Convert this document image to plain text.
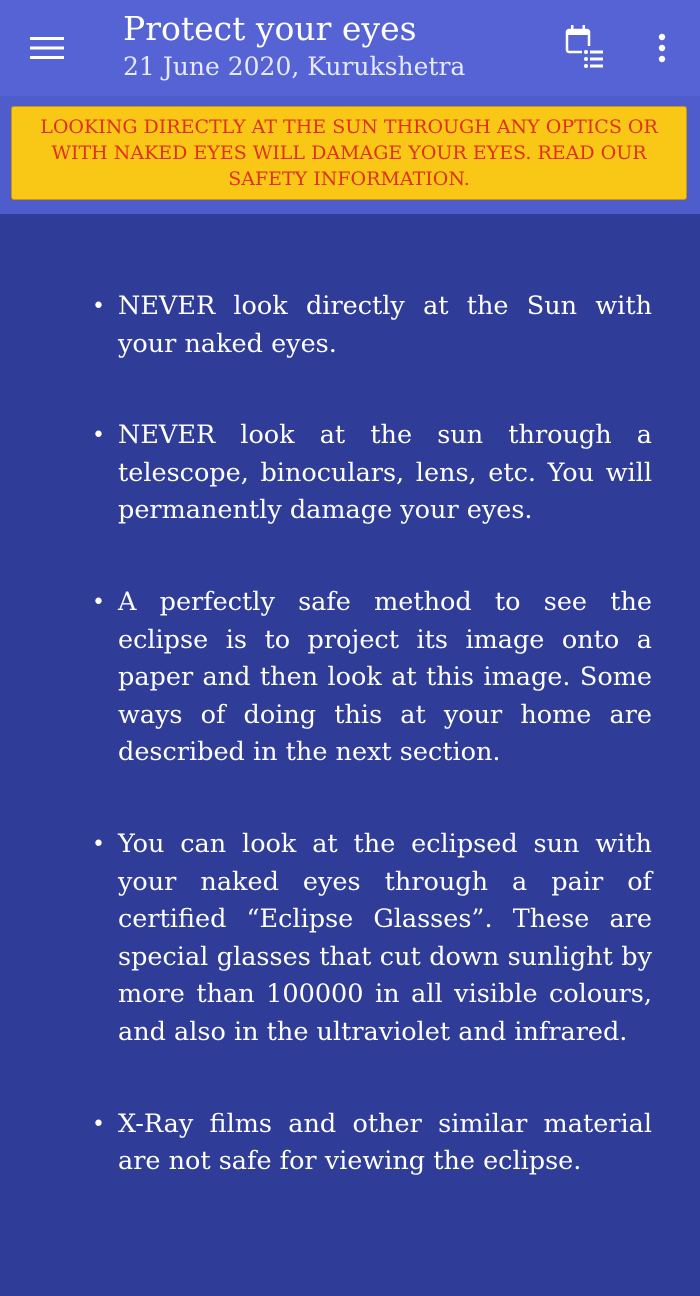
Protect your eyes
21 June 2020, Kurukshetra
LOOKING DIRECTLY AT THE SUN THROUGH ANY OPTICS OR WITH NAKED EYES WILL DAMAGE YOUR EYES. READ OUR SAFETY INFORMATION.
• NEVER look directly at the Sun with your naked eyes.
• NEVER look at the sun through a telescope, binoculars, lens, etc. You will permanently damage your eyes.
• A perfectly safe method to see the eclipse is to project its image onto a paper and then look at this image. Some ways of doing this at your home are described in the next section.
• You can look at the eclipsed sun with your naked eyes through a pair of certified “Eclipse Glasses”. These are special glasses that cut down sunlight by more than 100000 in all visible colours, and also in the ultraviolet and infrared.
• X-Ray films and other similar material are not safe for viewing the eclipse.
